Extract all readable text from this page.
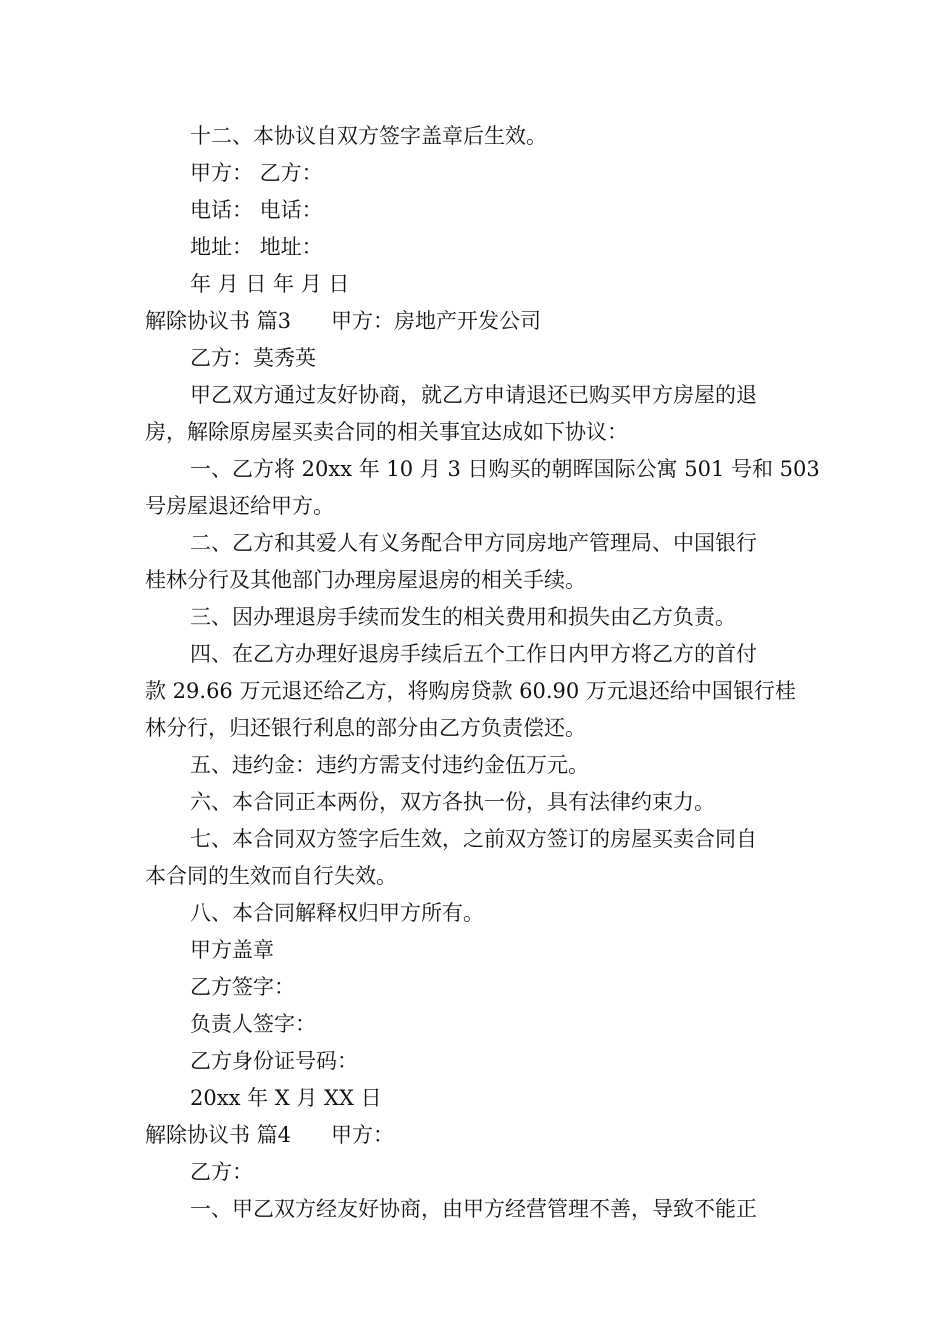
十二、本协议自双方签字盖章后生效。
甲方： 乙方：
电话： 电话：
地址： 地址：
年 月 日 年 月 日
解除协议书 篇3 甲方：房地产开发公司
乙方：莫秀英
甲乙双方通过友好协商，就乙方申请退还已购买甲方房屋的退
房，解除原房屋买卖合同的相关事宜达成如下协议：
一、乙方将 20xx 年 10 月 3 日购买的朝晖国际公寓 501 号和 503
号房屋退还给甲方。
二、乙方和其爱人有义务配合甲方同房地产管理局、中国银行
桂林分行及其他部门办理房屋退房的相关手续。
三、因办理退房手续而发生的相关费用和损失由乙方负责。
四、在乙方办理好退房手续后五个工作日内甲方将乙方的首付
款 29.66 万元退还给乙方，将购房贷款 60.90 万元退还给中国银行桂
林分行，归还银行利息的部分由乙方负责偿还。
五、违约金：违约方需支付违约金伍万元。
六、本合同正本两份，双方各执一份，具有法律约束力。
七、本合同双方签字后生效，之前双方签订的房屋买卖合同自
本合同的生效而自行失效。
八、本合同解释权归甲方所有。
甲方盖章
乙方签字：
负责人签字：
乙方身份证号码：
20xx 年 X 月 XX 日
解除协议书 篇4 甲方：
乙方：
一、甲乙双方经友好协商，由甲方经营管理不善，导致不能正
